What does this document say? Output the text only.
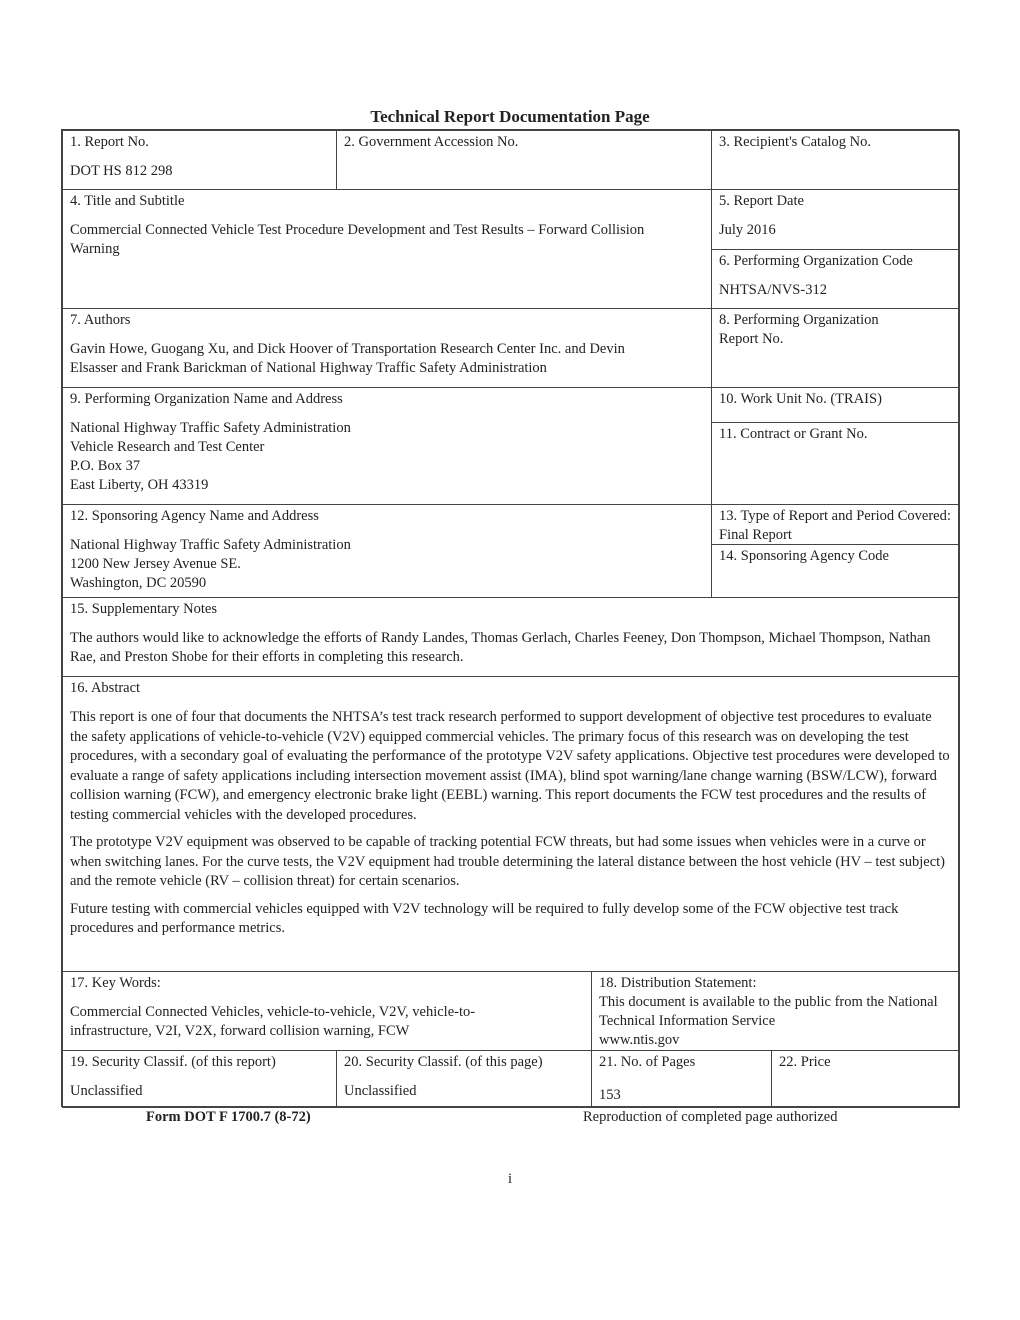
Technical Report Documentation Page
1. Report No.
DOT HS 812 298
2. Government Accession No.	3. Recipient's Catalog No.
4. Title and Subtitle
Commercial Connected Vehicle Test Procedure Development and Test Results – Forward Collision Warning
5. Report Date
July 2016
6. Performing Organization Code
NHTSA/NVS-312
7. Authors
Gavin Howe, Guogang Xu, and Dick Hoover of Transportation Research Center Inc. and Devin Elsasser and Frank Barickman of National Highway Traffic Safety Administration
8. Performing Organization Report No.
9. Performing Organization Name and Address
National Highway Traffic Safety Administration
Vehicle Research and Test Center
P.O. Box 37
East Liberty, OH 43319
10. Work Unit No. (TRAIS)
11. Contract or Grant No.
12. Sponsoring Agency Name and Address
National Highway Traffic Safety Administration
1200 New Jersey Avenue SE.
Washington, DC 20590
13. Type of Report and Period Covered: Final Report
14. Sponsoring Agency Code
15. Supplementary Notes
The authors would like to acknowledge the efforts of Randy Landes, Thomas Gerlach, Charles Feeney, Don Thompson, Michael Thompson, Nathan Rae, and Preston Shobe for their efforts in completing this research.
16. Abstract

This report is one of four that documents the NHTSA’s test track research performed to support development of objective test procedures to evaluate the safety applications of vehicle-to-vehicle (V2V) equipped commercial vehicles. The primary focus of this research was on developing the test procedures, with a secondary goal of evaluating the performance of the prototype V2V safety applications. Objective test procedures were developed to evaluate a range of safety applications including intersection movement assist (IMA), blind spot warning/lane change warning (BSW/LCW), forward collision warning (FCW), and emergency electronic brake light (EEBL) warning. This report documents the FCW test procedures and the results of testing commercial vehicles with the developed procedures.

The prototype V2V equipment was observed to be capable of tracking potential FCW threats, but had some issues when vehicles were in a curve or when switching lanes. For the curve tests, the V2V equipment had trouble determining the lateral distance between the host vehicle (HV – test subject) and the remote vehicle (RV – collision threat) for certain scenarios.

Future testing with commercial vehicles equipped with V2V technology will be required to fully develop some of the FCW objective test track procedures and performance metrics.

17. Key Words:
Commercial Connected Vehicles, vehicle-to-vehicle, V2V, vehicle-to-infrastructure, V2I, V2X, forward collision warning, FCW
18. Distribution Statement:
This document is available to the public from the National Technical Information Service
www.ntis.gov
19. Security Classif. (of this report)
Unclassified
20. Security Classif. (of this page)
Unclassified
21. No. of Pages
153
22. Price
Form DOT F 1700.7 (8-72)	Reproduction of completed page authorized
i
